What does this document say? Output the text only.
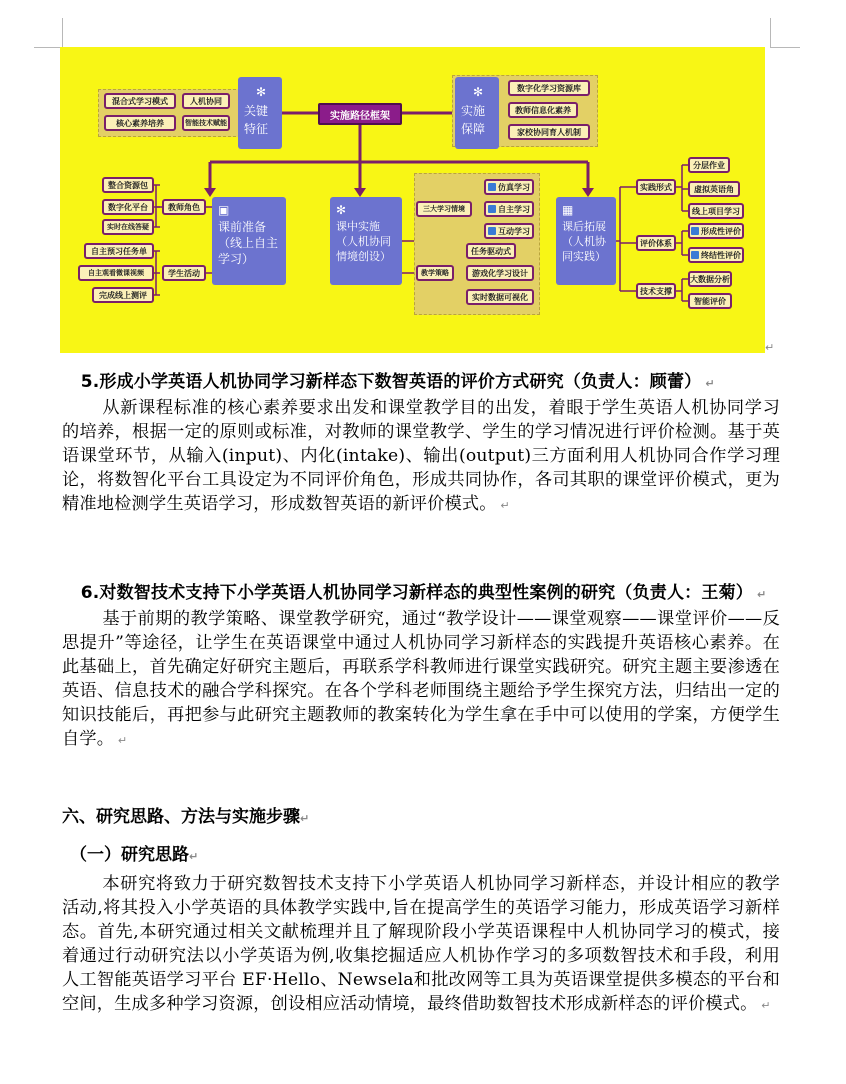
混合式学习模式	人机协同
核心素养培养	智能技术赋能
✻
关键特征
实施路径框架
✻
实施保障
数字化学习资源库
教师信息化素养
家校协同育人机制
整合资源包
数字化平台
实时在线答疑
教师角色
自主预习任务单
自主观看微课视频	学生活动
完成线上测评
▣
课前准备（线上自主学习）
✻
课中实施（人机协同情境创设）
三大学习情境
仿真学习
自主学习
互动学习
教学策略
任务驱动式
游戏化学习设计
实时数据可视化
▦
课后拓展（人机协同实践）
实践形式
分层作业
虚拟英语角
线上项目学习
评价体系
形成性评价
终结性评价
技术支撑
大数据分析
智能评价
↵

5.形成小学英语人机协同学习新样态下数智英语的评价方式研究（负责人：顾蕾） ↵

从新课程标准的核心素养要求出发和课堂教学目的出发，着眼于学生英语人机协同学习的培养，根据一定的原则或标准，对教师的课堂教学、学生的学习情况进行评价检测。基于英语课堂环节，从输入(input)、内化(intake)、输出(output)三方面利用人机协同合作学习理论，将数智化平台工具设定为不同评价角色，形成共同协作，各司其职的课堂评价模式，更为精准地检测学生英语学习，形成数智英语的新评价模式。 ↵

6.对数智技术支持下小学英语人机协同学习新样态的典型性案例的研究（负责人：王菊） ↵

基于前期的教学策略、课堂教学研究，通过“教学设计——课堂观察——课堂评价——反思提升”等途径，让学生在英语课堂中通过人机协同学习新样态的实践提升英语核心素养。在此基础上，首先确定好研究主题后，再联系学科教师进行课堂实践研究。研究主题主要渗透在英语、信息技术的融合学科探究。在各个学科老师围绕主题给予学生探究方法，归结出一定的知识技能后，再把参与此研究主题教师的教案转化为学生拿在手中可以使用的学案，方便学生自学。 ↵

六、研究思路、方法与实施步骤↵
（一）研究思路↵

本研究将致力于研究数智技术支持下小学英语人机协同学习新样态，并设计相应的教学活动,将其投入小学英语的具体教学实践中,旨在提高学生的英语学习能力，形成英语学习新样态。首先,本研究通过相关文献梳理并且了解现阶段小学英语课程中人机协同学习的模式，接着通过行动研究法以小学英语为例,收集挖掘适应人机协作学习的多项数智技术和手段，利用人工智能英语学习平台 EF·Hello、Newsela和批改网等工具为英语课堂提供多模态的平台和空间，生成多种学习资源，创设相应活动情境，最终借助数智技术形成新样态的评价模式。 ↵
